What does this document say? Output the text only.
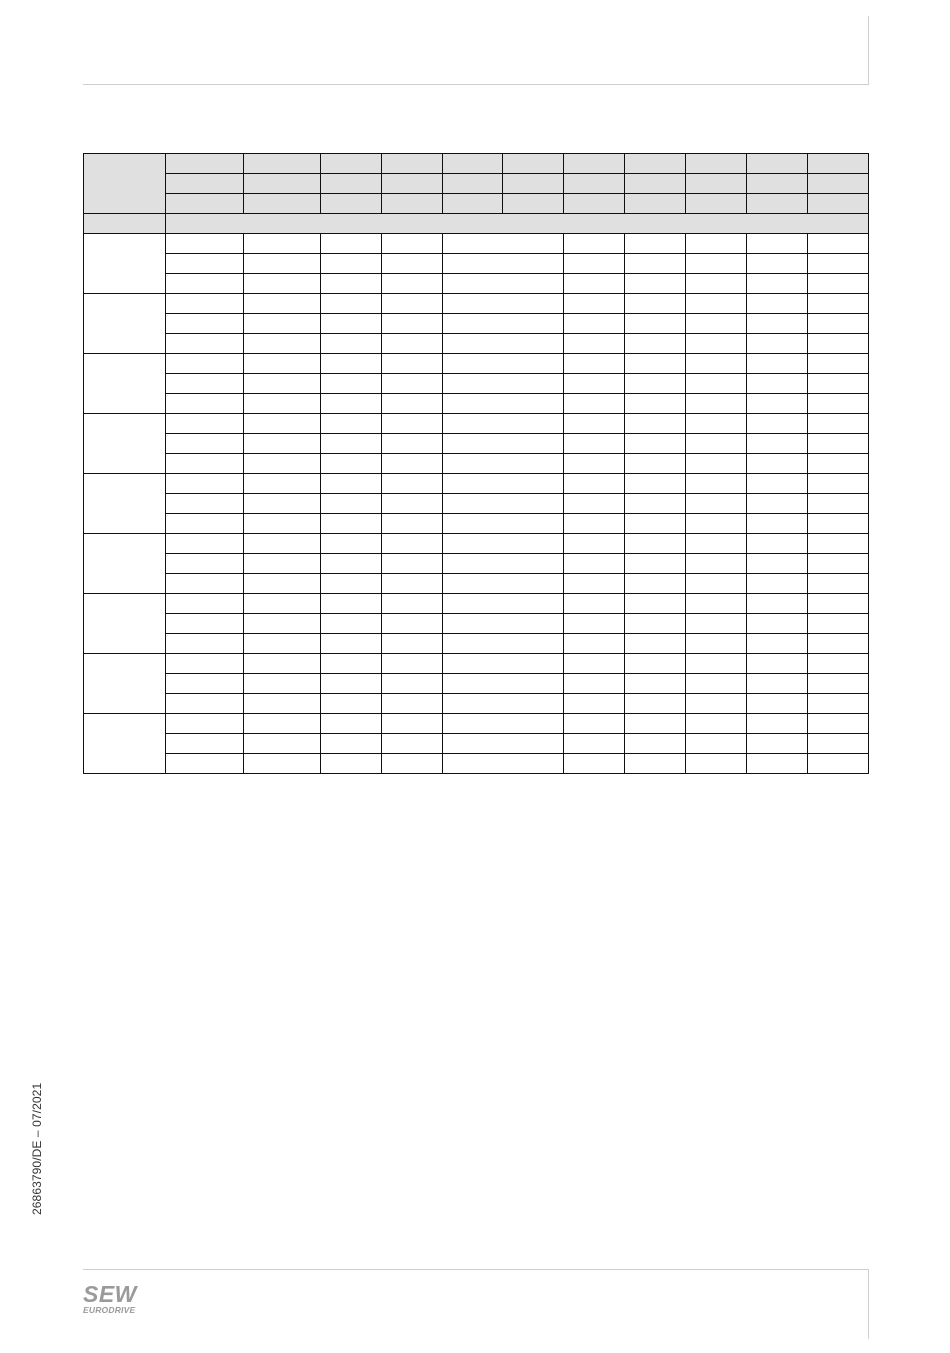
26863790/DE – 07/2021
SEW
EURODRIVE
